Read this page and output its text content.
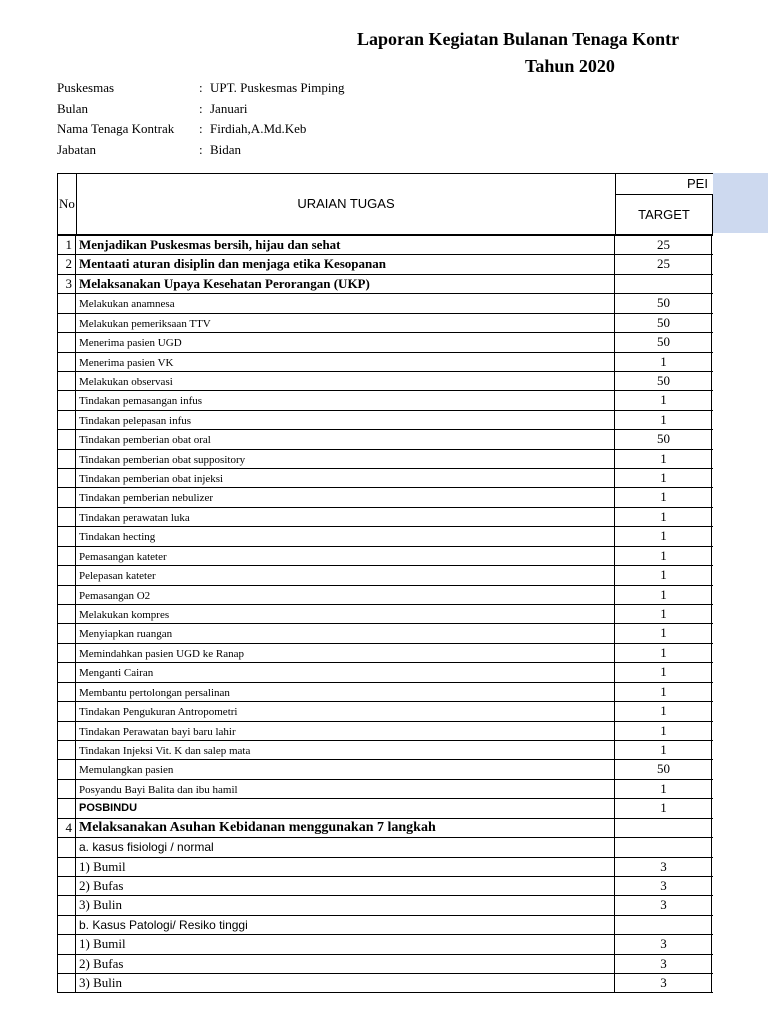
Laporan Kegiatan Bulanan Tenaga Kontr
Tahun 2020
Puskesmas	: UPT. Puskesmas Pimping
Bulan	: Januari
Nama Tenaga Kontrak : Firdiah,A.Md.Keb
Jabatan	: Bidan
No	URAIAN TUGAS
PEI
TARGET
1 Menjadikan Puskesmas bersih, hijau dan sehat	25
2 Mentaati aturan disiplin dan menjaga etika Kesopanan	25
3 Melaksanakan Upaya Kesehatan Perorangan (UKP)
Melakukan anamnesa	50
Melakukan pemeriksaan TTV	50
Menerima pasien UGD	50
Menerima pasien VK	1
Melakukan observasi	50
Tindakan pemasangan infus	1
Tindakan pelepasan infus	1
Tindakan pemberian obat oral	50
Tindakan pemberian obat suppository	1
Tindakan pemberian obat injeksi	1
Tindakan pemberian nebulizer	1
Tindakan perawatan luka	1
Tindakan hecting	1
Pemasangan kateter	1
Pelepasan kateter	1
Pemasangan O2	1
Melakukan kompres	1
Menyiapkan ruangan	1
Memindahkan pasien UGD ke Ranap	1
Menganti Cairan	1
Membantu pertolongan persalinan	1
Tindakan Pengukuran Antropometri	1
Tindakan Perawatan bayi baru lahir	1
Tindakan Injeksi Vit. K dan salep mata	1
Memulangkan pasien	50
Posyandu Bayi Balita dan ibu hamil	1
POSBINDU	1
4 Melaksanakan Asuhan Kebidanan menggunakan 7 langkah
a. kasus fisiologi / normal
1) Bumil	3
2) Bufas	3
3) Bulin	3
b. Kasus Patologi/ Resiko tinggi
1) Bumil	3
2) Bufas	3
3) Bulin	3
